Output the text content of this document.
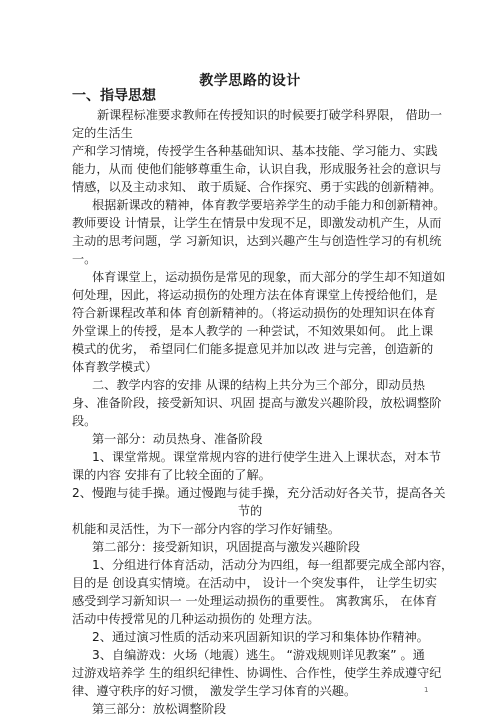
教学思路的设计
一、指导思想
新课程标准要求教师在传授知识的时候要打破学科界限， 借助一
定的生活生
产和学习情境，传授学生各种基础知识、基本技能、学习能力、实践
能力，从而 使他们能够尊重生命，认识自我，形成服务社会的意识与
情感，以及主动求知、 敢于质疑、合作探究、勇于实践的创新精神。
根据新课改的精神，体育教学要培养学生的动手能力和创新精神。
教师要设 计情景，让学生在情景中发现不足，即激发动机产生，从而
主动的思考问题，学 习新知识，达到兴趣产生与创造性学习的有机统
一。
体育课堂上，运动损伤是常见的现象，而大部分的学生却不知道如
何处理，因此，将运动损伤的处理方法在体育课堂上传授给他们，是
符合新课程改革和体 育创新精神的。（将运动损伤的处理知识在体育
外堂课上的传授，是本人教学的 一种尝试，不知效果如何。 此上课
模式的优劣， 希望同仁们能多提意见并加以改 进与完善，创造新的
体育教学模式）
二、教学内容的安排 从课的结构上共分为三个部分，即动员热
身、准备阶段，接受新知识、巩固 提高与激发兴趣阶段，放松调整阶
段。
第一部分：动员热身、准备阶段
1、课堂常规。课堂常规内容的进行使学生进入上课状态，对本节
课的内容 安排有了比较全面的了解。
2、慢跑与徒手操。通过慢跑与徒手操，充分活动好各关节，提高各关
节的
机能和灵活性，为下一部分内容的学习作好铺垫。
第二部分：接受新知识，巩固提高与激发兴趣阶段
1、分组进行体育活动，活动分为四组，每一组都要完成全部内容，
目的是 创设真实情境。在活动中， 设计一个突发事件， 让学生切实
感受到学习新知识一 一处理运动损伤的重要性。 寓教寓乐， 在体育
活动中传授常见的几种运动损伤的 处理方法。
2、通过演习性质的活动来巩固新知识的学习和集体协作精神。
3、自编游戏：火场（地震）逃生。 “游戏规则详见教案” 。通
过游戏培养学 生的组织纪律性、协调性、合作性，使学生养成遵守纪
律、遵守秩序的好习惯， 激发学生学习体育的兴趣。
第三部分：放松调整阶段
1
